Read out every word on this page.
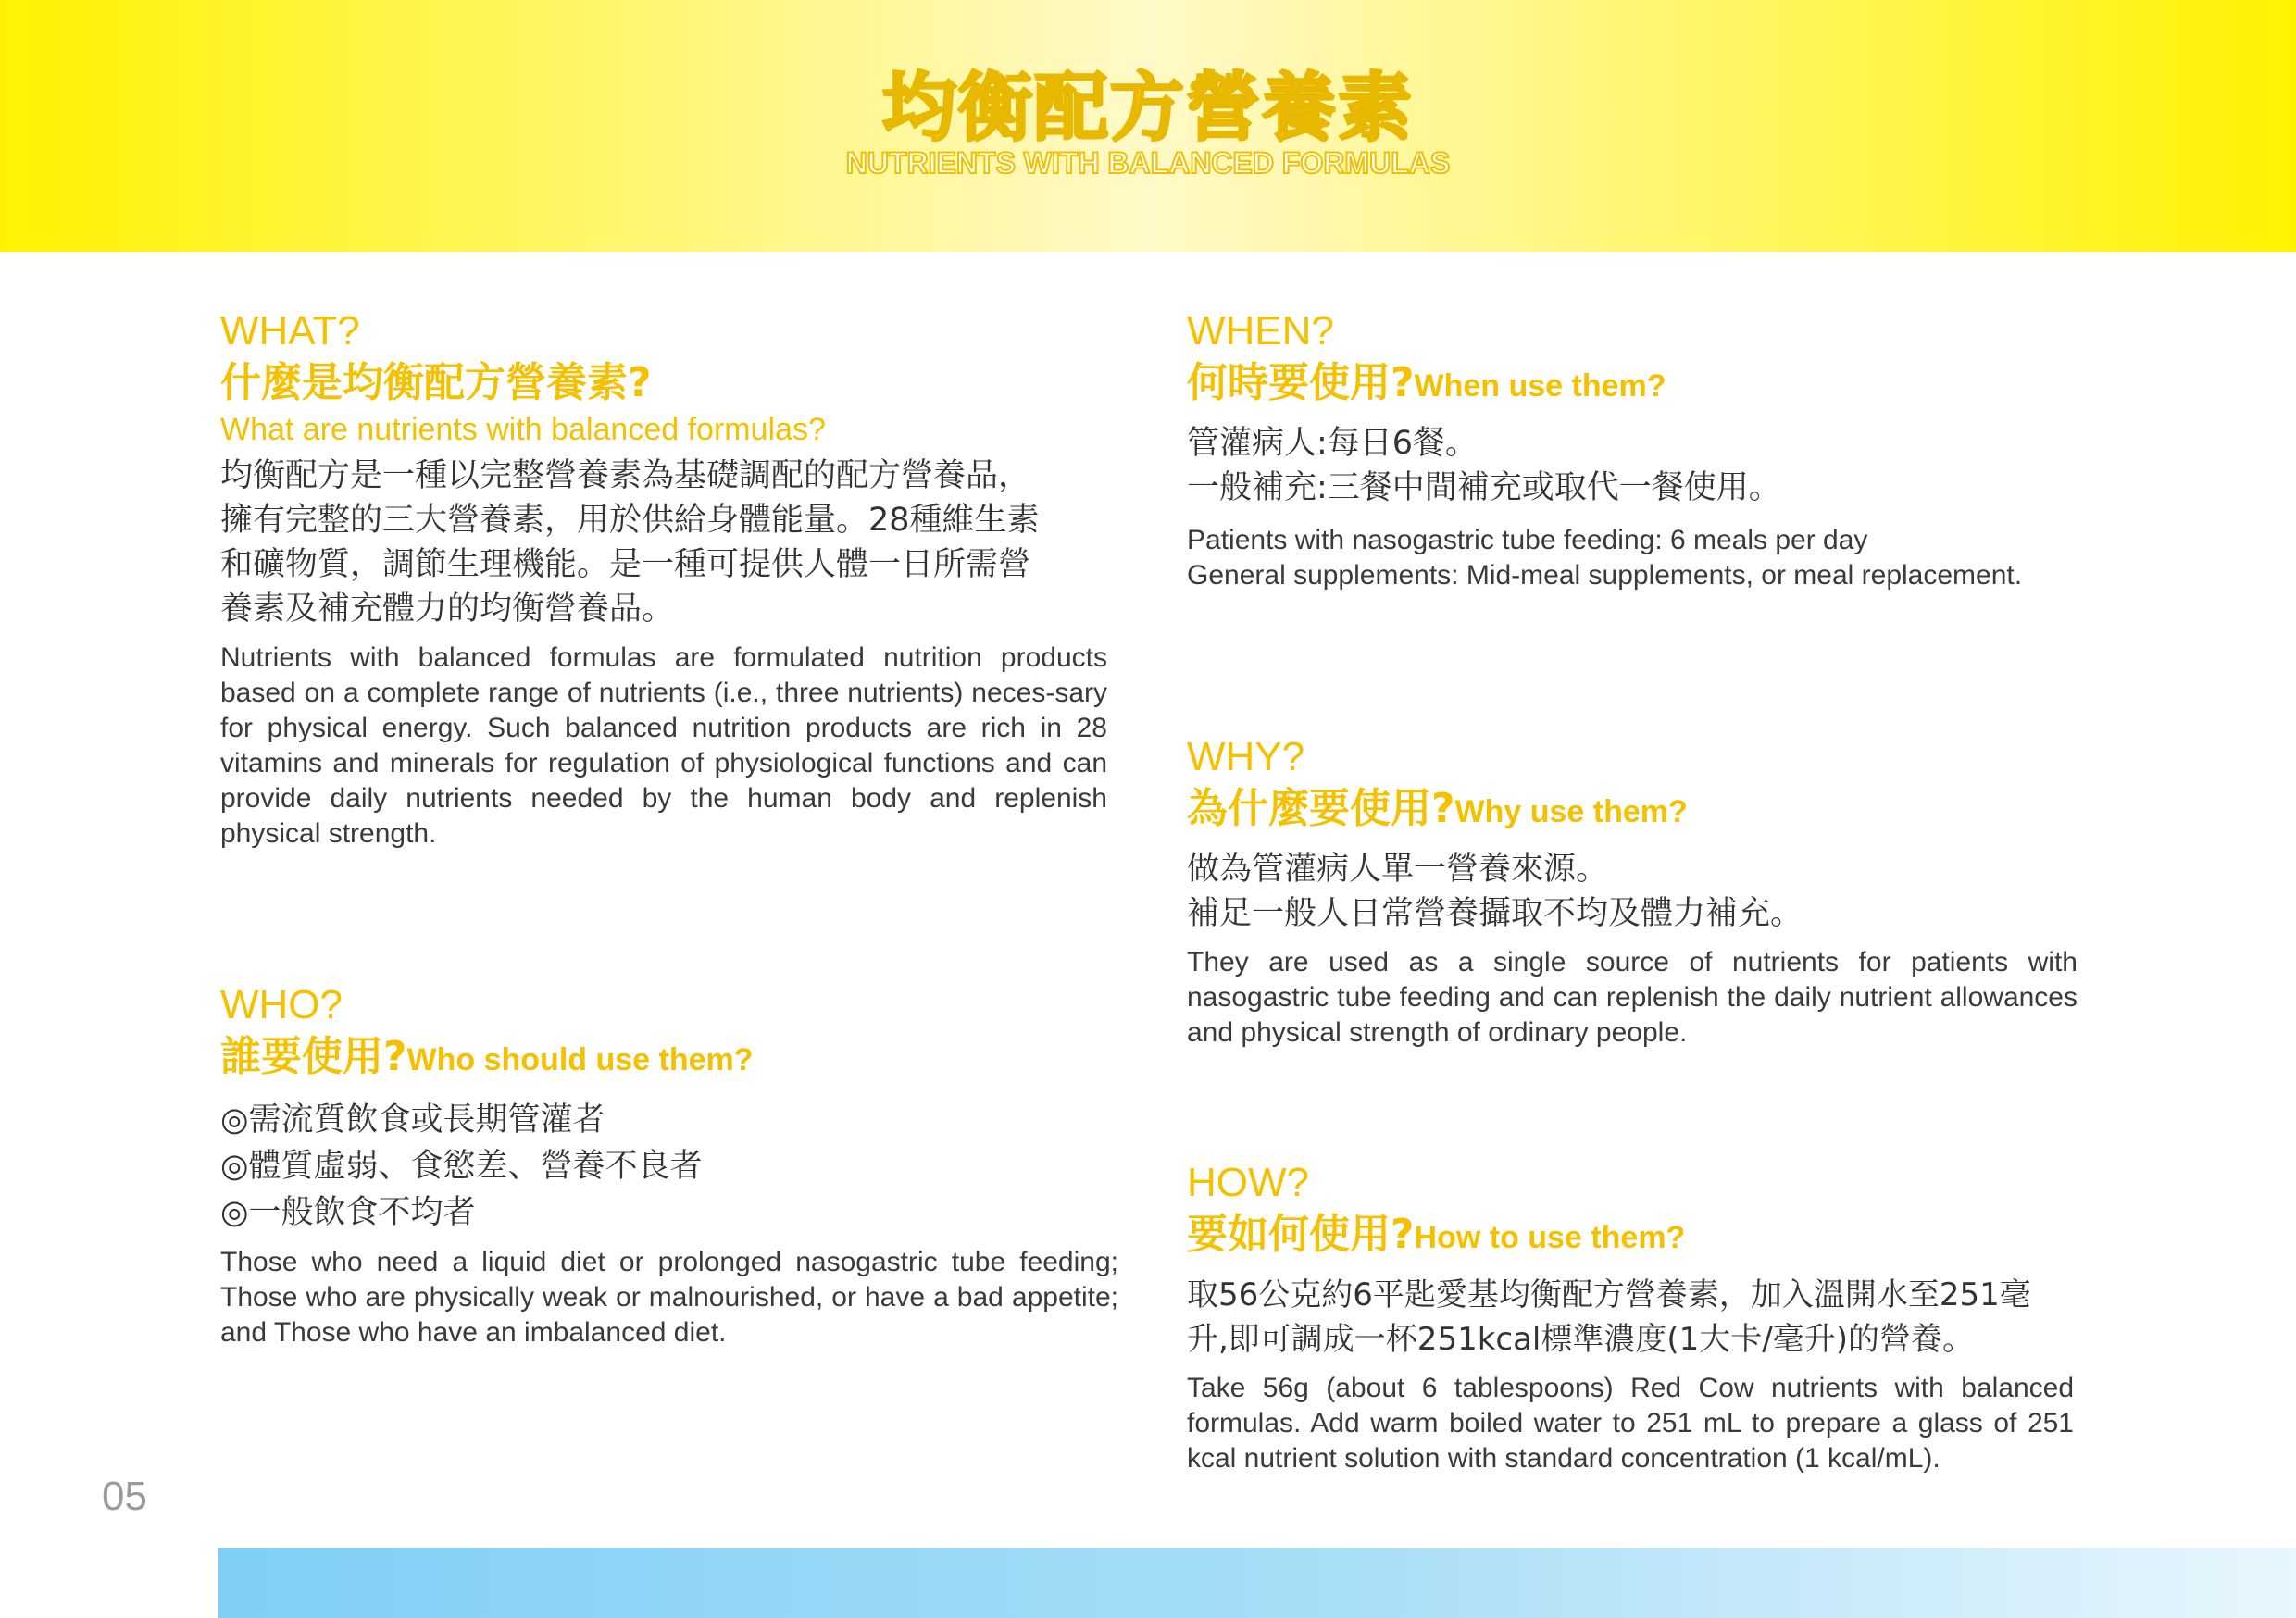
均衡配方營養素
NUTRIENTS WITH BALANCED FORMULAS
WHAT?
什麼是均衡配方營養素?

What are nutrients with balanced formulas?

均衡配方是一種以完整營養素為基礎調配的配方營養品，
擁有完整的三大營養素，用於供給身體能量。28種維生素
和礦物質，調節生理機能。是一種可提供人體一日所需營
養素及補充體力的均衡營養品。

Nutrients with balanced formulas are formulated nutrition products based on a complete range of nutrients (i.e., three nutrients) neces-sary for physical energy. Such balanced nutrition products are rich in 28 vitamins and minerals for regulation of physiological functions and can provide daily nutrients needed by the human body and replenish physical strength.

WHO?
誰要使用?Who should use them?
◎需流質飲食或長期管灌者
◎體質虛弱、食慾差、營養不良者
◎一般飲食不均者

Those who need a liquid diet or prolonged nasogastric tube feeding; Those who are physically weak or malnourished, or have a bad appetite; and Those who have an imbalanced diet.

WHEN?
何時要使用?When use them?
管灌病人:每日6餐。
一般補充:三餐中間補充或取代一餐使用。
Patients with nasogastric tube feeding: 6 meals per day
General supplements: Mid-meal supplements, or meal replacement.
WHY?
為什麼要使用?Why use them?
做為管灌病人單一營養來源。
補足一般人日常營養攝取不均及體力補充。

They are used as a single source of nutrients for patients with nasogastric tube feeding and can replenish the daily nutrient allowances and physical strength of ordinary people.

HOW?
要如何使用?How to use them?
取56公克約6平匙愛基均衡配方營養素，加入溫開水至251毫
升,即可調成一杯251kcal標準濃度(1大卡/毫升)的營養。

Take 56g (about 6 tablespoons) Red Cow nutrients with balanced formulas. Add warm boiled water to 251 mL to prepare a glass of 251 kcal nutrient solution with standard concentration (1 kcal/mL).

05
